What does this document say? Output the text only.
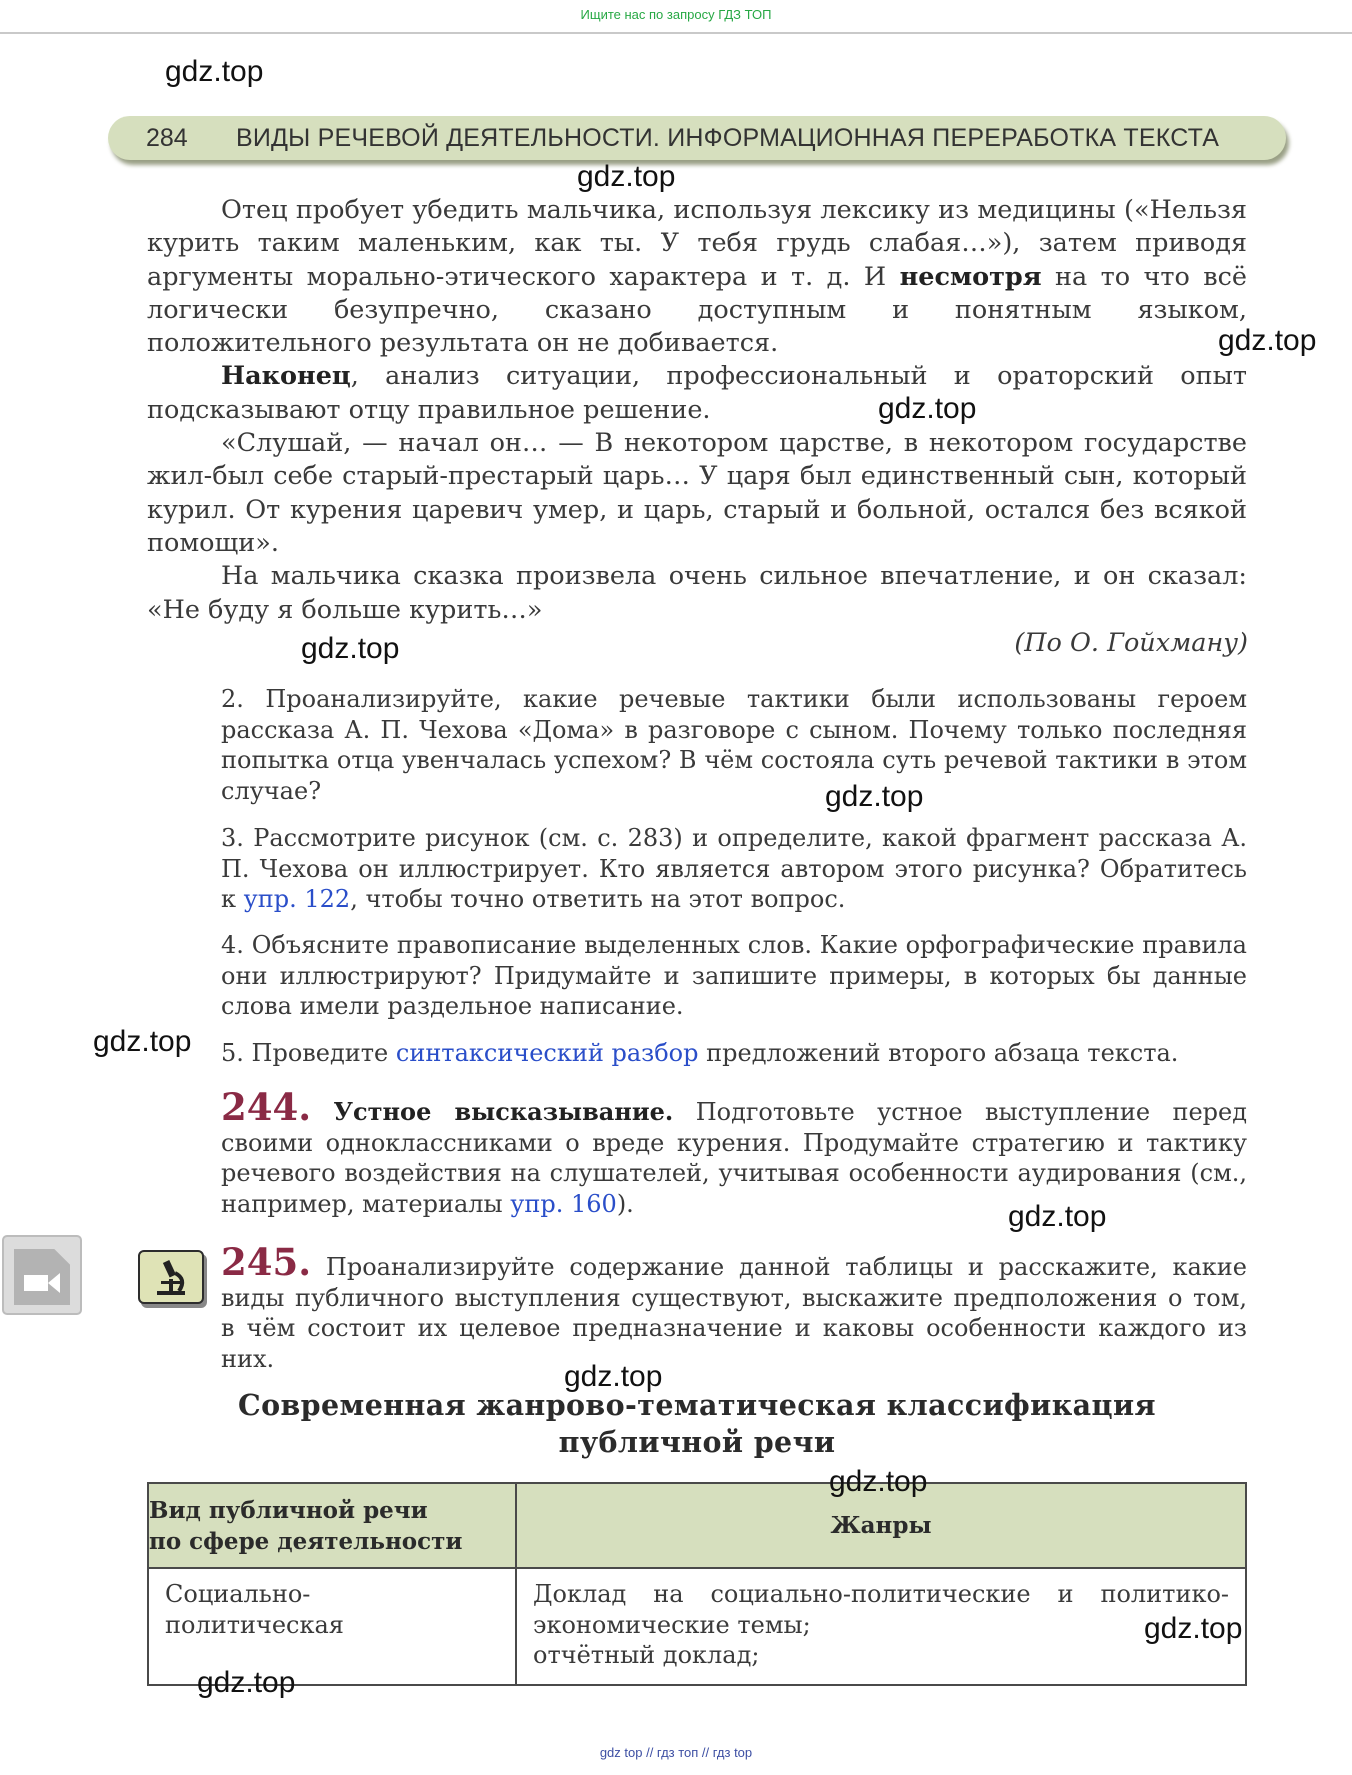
Ищите нас по запросу ГДЗ ТОП
gdz.top
gdz.top
gdz.top
gdz.top
gdz.top
gdz.top
gdz.top
gdz.top
gdz.top
gdz.top
gdz.top
gdz.top
284 ВИДЫ РЕЧЕВОЙ ДЕЯТЕЛЬНОСТИ. ИНФОРМАЦИОННАЯ ПЕРЕРАБОТКА ТЕКСТА
Отец пробует убедить мальчика, используя лексику из медицины («Нельзя курить таким маленьким, как ты. У тебя грудь слабая…»), затем приводя аргументы морально-этического характера и т. д. И несмотря на то что всё логически безупречно, сказано доступным и понятным языком, положительного результата он не добивается.
Наконец, анализ ситуации, профессиональный и ораторский опыт подсказывают отцу правильное решение.
«Слушай, — начал он… — В некотором царстве, в некотором государстве жил-был себе старый-престарый царь… У царя был единственный сын, который курил. От курения царевич умер, и царь, старый и больной, остался без всякой помощи».
На мальчика сказка произвела очень сильное впечатление, и он сказал: «Не буду я больше курить…»
(По О. Гойхману)
2. Проанализируйте, какие речевые тактики были использованы героем рассказа А. П. Чехова «Дома» в разговоре с сыном. Почему только последняя попытка отца увенчалась успехом? В чём состояла суть речевой тактики в этом случае?
3. Рассмотрите рисунок (см. с. 283) и определите, какой фрагмент рассказа А. П. Чехова он иллюстрирует. Кто является автором этого рисунка? Обратитесь к упр. 122, чтобы точно ответить на этот вопрос.
4. Объясните правописание выделенных слов. Какие орфографические правила они иллюстрируют? Придумайте и запишите примеры, в которых бы данные слова имели раздельное написание.
5. Проведите синтаксический разбор предложений второго абзаца текста.
244. Устное высказывание. Подготовьте устное выступление перед своими одноклассниками о вреде курения. Продумайте стратегию и тактику речевого воздействия на слушателей, учитывая особенности аудирования (см., например, материалы упр. 160).
245. Проанализируйте содержание данной таблицы и расскажите, какие виды публичного выступления существуют, выскажите предположения о том, в чём состоит их целевое предназначение и каковы особенности каждого из них.
Современная жанрово-тематическая классификация
публичной речи
Вид публичной речи
по сфере деятельности	Жанры
Социально-политическая	Доклад на социально-политические и политико-экономические темы;
отчётный доклад;
gdz top // гдз топ // гдз top
